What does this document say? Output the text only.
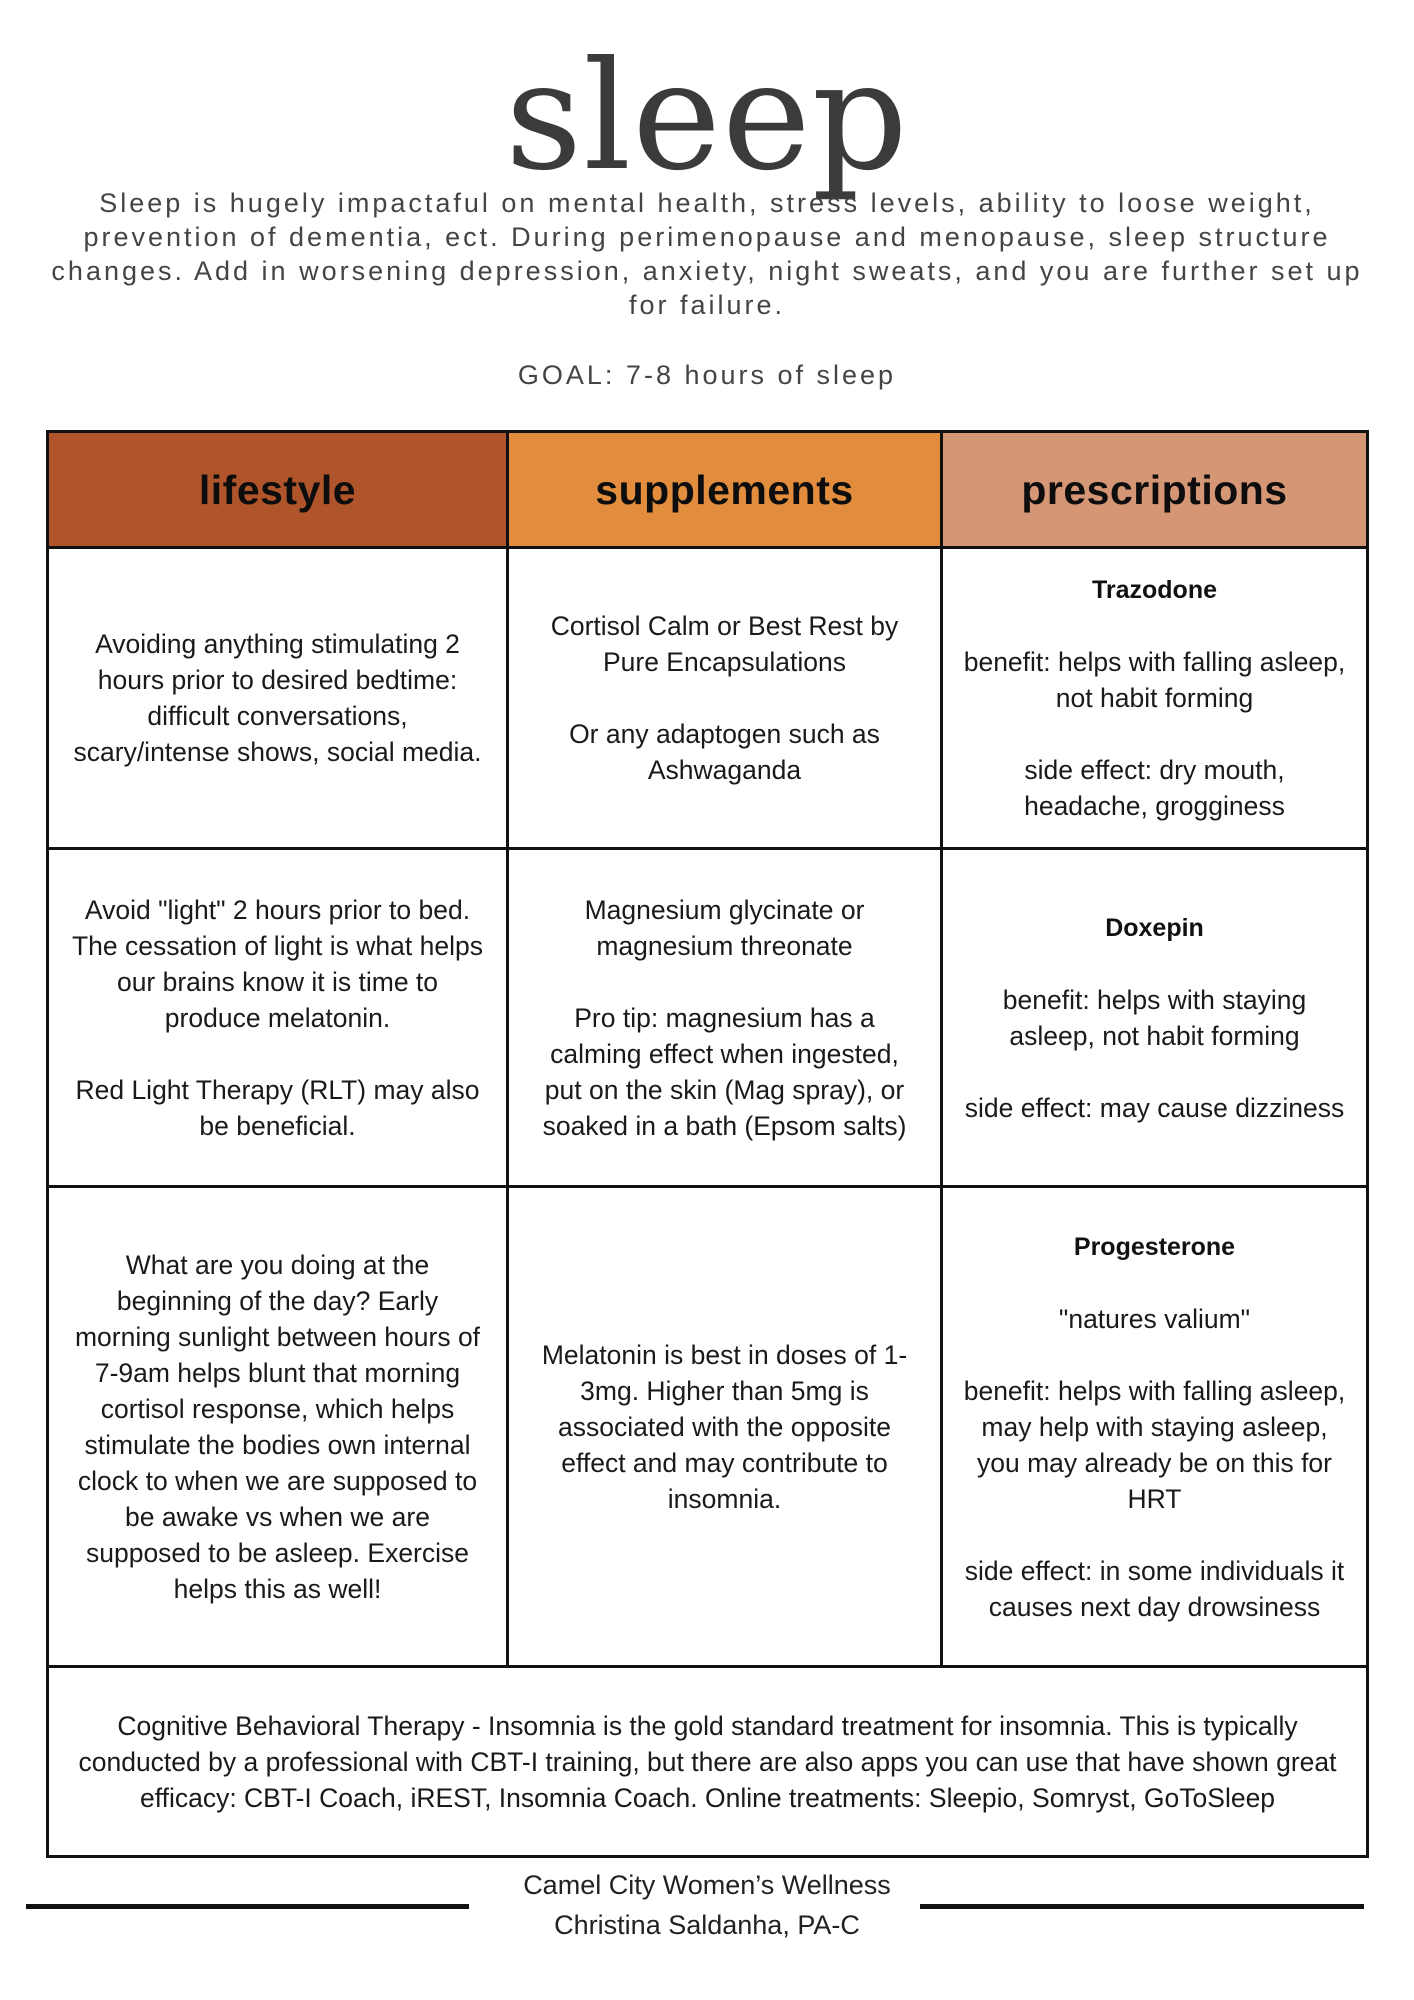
sleep
Sleep is hugely impactaful on mental health, stress levels, ability to loose weight, prevention of dementia, ect. During perimenopause and menopause, sleep structure changes. Add in worsening depression, anxiety, night sweats, and you are further set up for failure.
GOAL: 7-8 hours of sleep
lifestyle	supplements	prescriptions
Avoiding anything stimulating 2 hours prior to desired bedtime: difficult conversations, scary/intense shows, social media.
Cortisol Calm or Best Rest by Pure Encapsulations
Or any adaptogen such as Ashwaganda
Trazodone
benefit: helps with falling asleep, not habit forming
side effect: dry mouth, headache, grogginess
Avoid "light" 2 hours prior to bed. The cessation of light is what helps our brains know it is time to produce melatonin.
Red Light Therapy (RLT) may also be beneficial.
Magnesium glycinate or magnesium threonate
Pro tip: magnesium has a calming effect when ingested, put on the skin (Mag spray), or soaked in a bath (Epsom salts)
Doxepin
benefit: helps with staying asleep, not habit forming
side effect: may cause dizziness
What are you doing at the beginning of the day? Early morning sunlight between hours of 7-9am helps blunt that morning cortisol response, which helps stimulate the bodies own internal clock to when we are supposed to be awake vs when we are supposed to be asleep. Exercise helps this as well!
Melatonin is best in doses of 1-3mg. Higher than 5mg is associated with the opposite effect and may contribute to insomnia.
Progesterone
"natures valium"
benefit: helps with falling asleep, may help with staying asleep, you may already be on this for HRT
side effect: in some individuals it causes next day drowsiness
Cognitive Behavioral Therapy - Insomnia is the gold standard treatment for insomnia. This is typically conducted by a professional with CBT-I training, but there are also apps you can use that have shown great efficacy: CBT-I Coach, iREST, Insomnia Coach. Online treatments: Sleepio, Somryst, GoToSleep
Camel City Women’s Wellness
Christina Saldanha, PA-C
